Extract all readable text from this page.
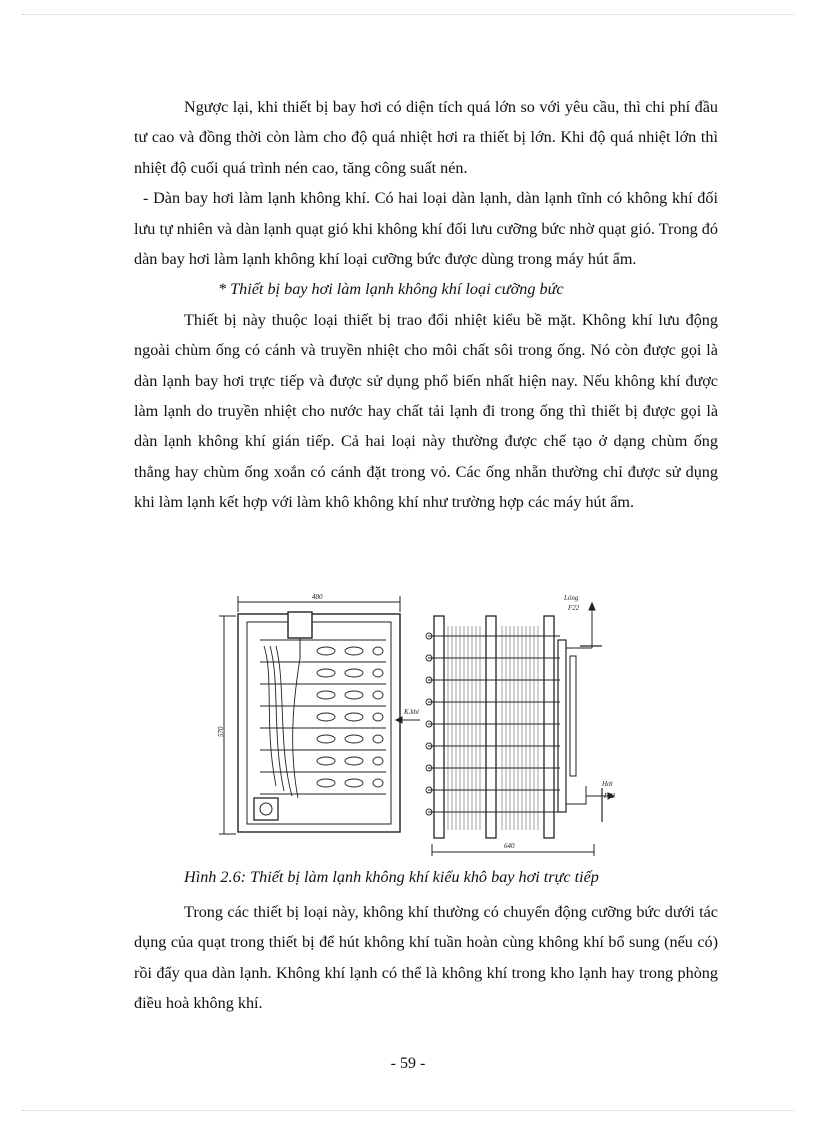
Ngược lại, khi thiết bị bay hơi có diện tích quá lớn so với yêu cầu, thì chi phí đầu tư cao và đồng thời còn làm cho độ quá nhiệt hơi ra thiết bị lớn. Khi độ quá nhiệt lớn thì nhiệt độ cuối quá trình nén cao, tăng công suất nén.

- Dàn bay hơi làm lạnh không khí. Có hai loại dàn lạnh, dàn lạnh tĩnh có không khí đối lưu tự nhiên và dàn lạnh quạt gió khi không khí đối lưu cưỡng bức nhờ quạt gió. Trong đó dàn bay hơi làm lạnh không khí loại cưỡng bức được dùng trong máy hút ẩm.

* Thiết bị bay hơi làm lạnh không khí loại cưỡng bức

Thiết bị này thuộc loại thiết bị trao đổi nhiệt kiểu bề mặt. Không khí lưu động ngoài chùm ống có cánh và truyền nhiệt cho môi chất sôi trong ống. Nó còn được gọi là dàn lạnh bay hơi trực tiếp và được sử dụng phổ biến nhất hiện nay. Nếu không khí được làm lạnh do truyền nhiệt cho nước hay chất tải lạnh đi trong ống thì thiết bị được gọi là dàn lạnh không khí gián tiếp. Cả hai loại này thường được chế tạo ở dạng chùm ống thẳng hay chùm ống xoắn có cánh đặt trong vỏ. Các ống nhẵn thường chỉ được sử dụng khi làm lạnh kết hợp với làm khô không khí như trường hợp các máy hút ẩm.

480
570
K.khí
640
Lỏng
F22
Hơi
F22
Hình 2.6: Thiết bị làm lạnh không khí kiểu khô bay hơi trực tiếp

Trong các thiết bị loại này, không khí thường có chuyển động cưỡng bức dưới tác dụng của quạt trong thiết bị để hút không khí tuần hoàn cùng không khí bổ sung (nếu có) rồi đẩy qua dàn lạnh. Không khí lạnh có thể là không khí trong kho lạnh hay trong phòng điều hoà không khí.

- 59 -
